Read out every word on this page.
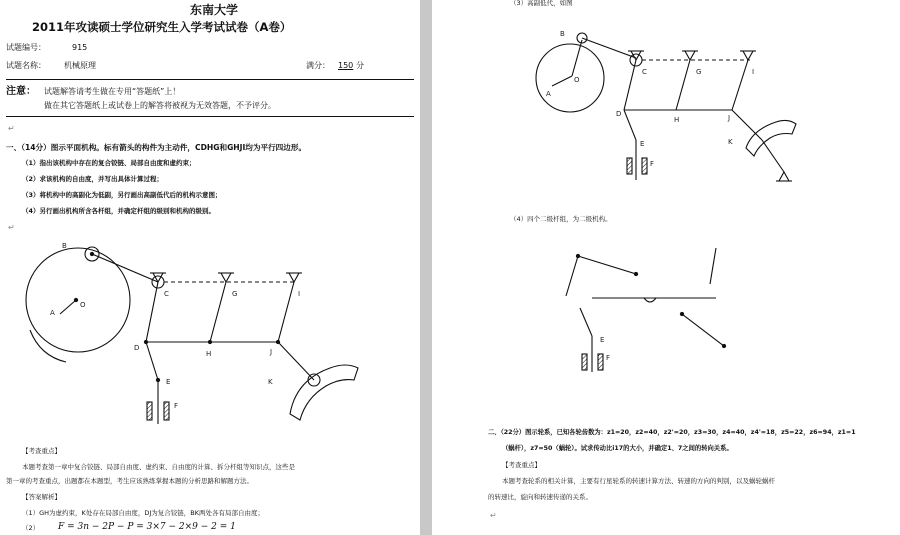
东南大学
2011年攻读硕士学位研究生入学考试试卷（A卷）
试题编号：	915
试题名称： 机械原理	满分： 150 分
注意： 试题解答请考生做在专用“答题纸”上！
做在其它答题纸上或试卷上的解答将被视为无效答题，不予评分。
↵
一、（14分）图示平面机构。标有箭头的构件为主动件，CDHG和GHJI均为平行四边形。
（1）指出该机构中存在的复合铰链、局部自由度和虚约束；
（2）求该机构的自由度，并写出具体计算过程；
（3）将机构中的高副化为低副，另行画出高副低代后的机构示意图；
（4）另行画出机构所含各杆组，并确定杆组的级别和机构的级别。
↵
B
A
O
C	G	I
D
H	J
E
F
K
【考查重点】
本题考查第一章中复合铰链、局部自由度、虚约束、自由度的计算、拆分杆组等知识点，这些是
第一章的考查重点，出题都在本题型，考生应该熟练掌握本题的分析思路和解题方法。
【答案解析】
（1）GH为虚约束，K处存在局部自由度，DJ为复合铰链，BK两处各有局部自由度；
（2） F = 3n − 2P − P = 3×7 − 2×9 − 2 = 1
（3）高副低代，如图
B
A
O
C	G	I
D
H	J
E
F
K
E
F
（4）四个二级杆组，为二级机构。
二、（22分）图示轮系，已知各轮齿数为：z1=20，z2=40，z2'=20，z3=30，z4=40，z4'=18，z5=22，z6=94，z1=1
（蜗杆），z7=50（蜗轮）。试求传动比i17的大小，并确定1、7之间的转向关系。
【考查重点】
本题考查轮系的相关计算，主要有行星轮系的转速计算方法、转速的方向的判别，以及蜗轮蜗杆
的转速比，旋向和转速传递的关系。
↵
